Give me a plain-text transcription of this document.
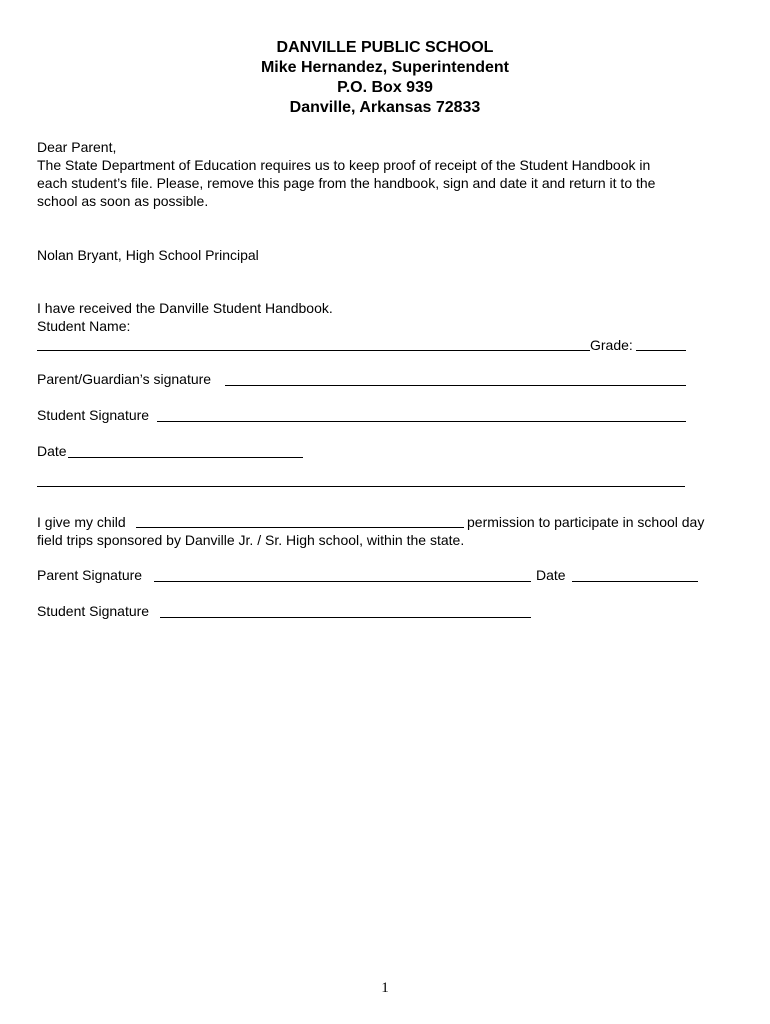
DANVILLE PUBLIC SCHOOL
Mike Hernandez, Superintendent
P.O. Box 939
Danville, Arkansas 72833
Dear Parent,
The State Department of Education requires us to keep proof of receipt of the Student Handbook in
each student’s file. Please, remove this page from the handbook, sign and date it and return it to the
school as soon as possible.
Nolan Bryant, High School Principal
I have received the Danville Student Handbook.
Student Name:
Grade:
Parent/Guardian’s signature
Student Signature
Date
I give my child	permission to participate in school day
field trips sponsored by Danville Jr. / Sr. High school, within the state.
Parent Signature	Date
Student Signature
1
